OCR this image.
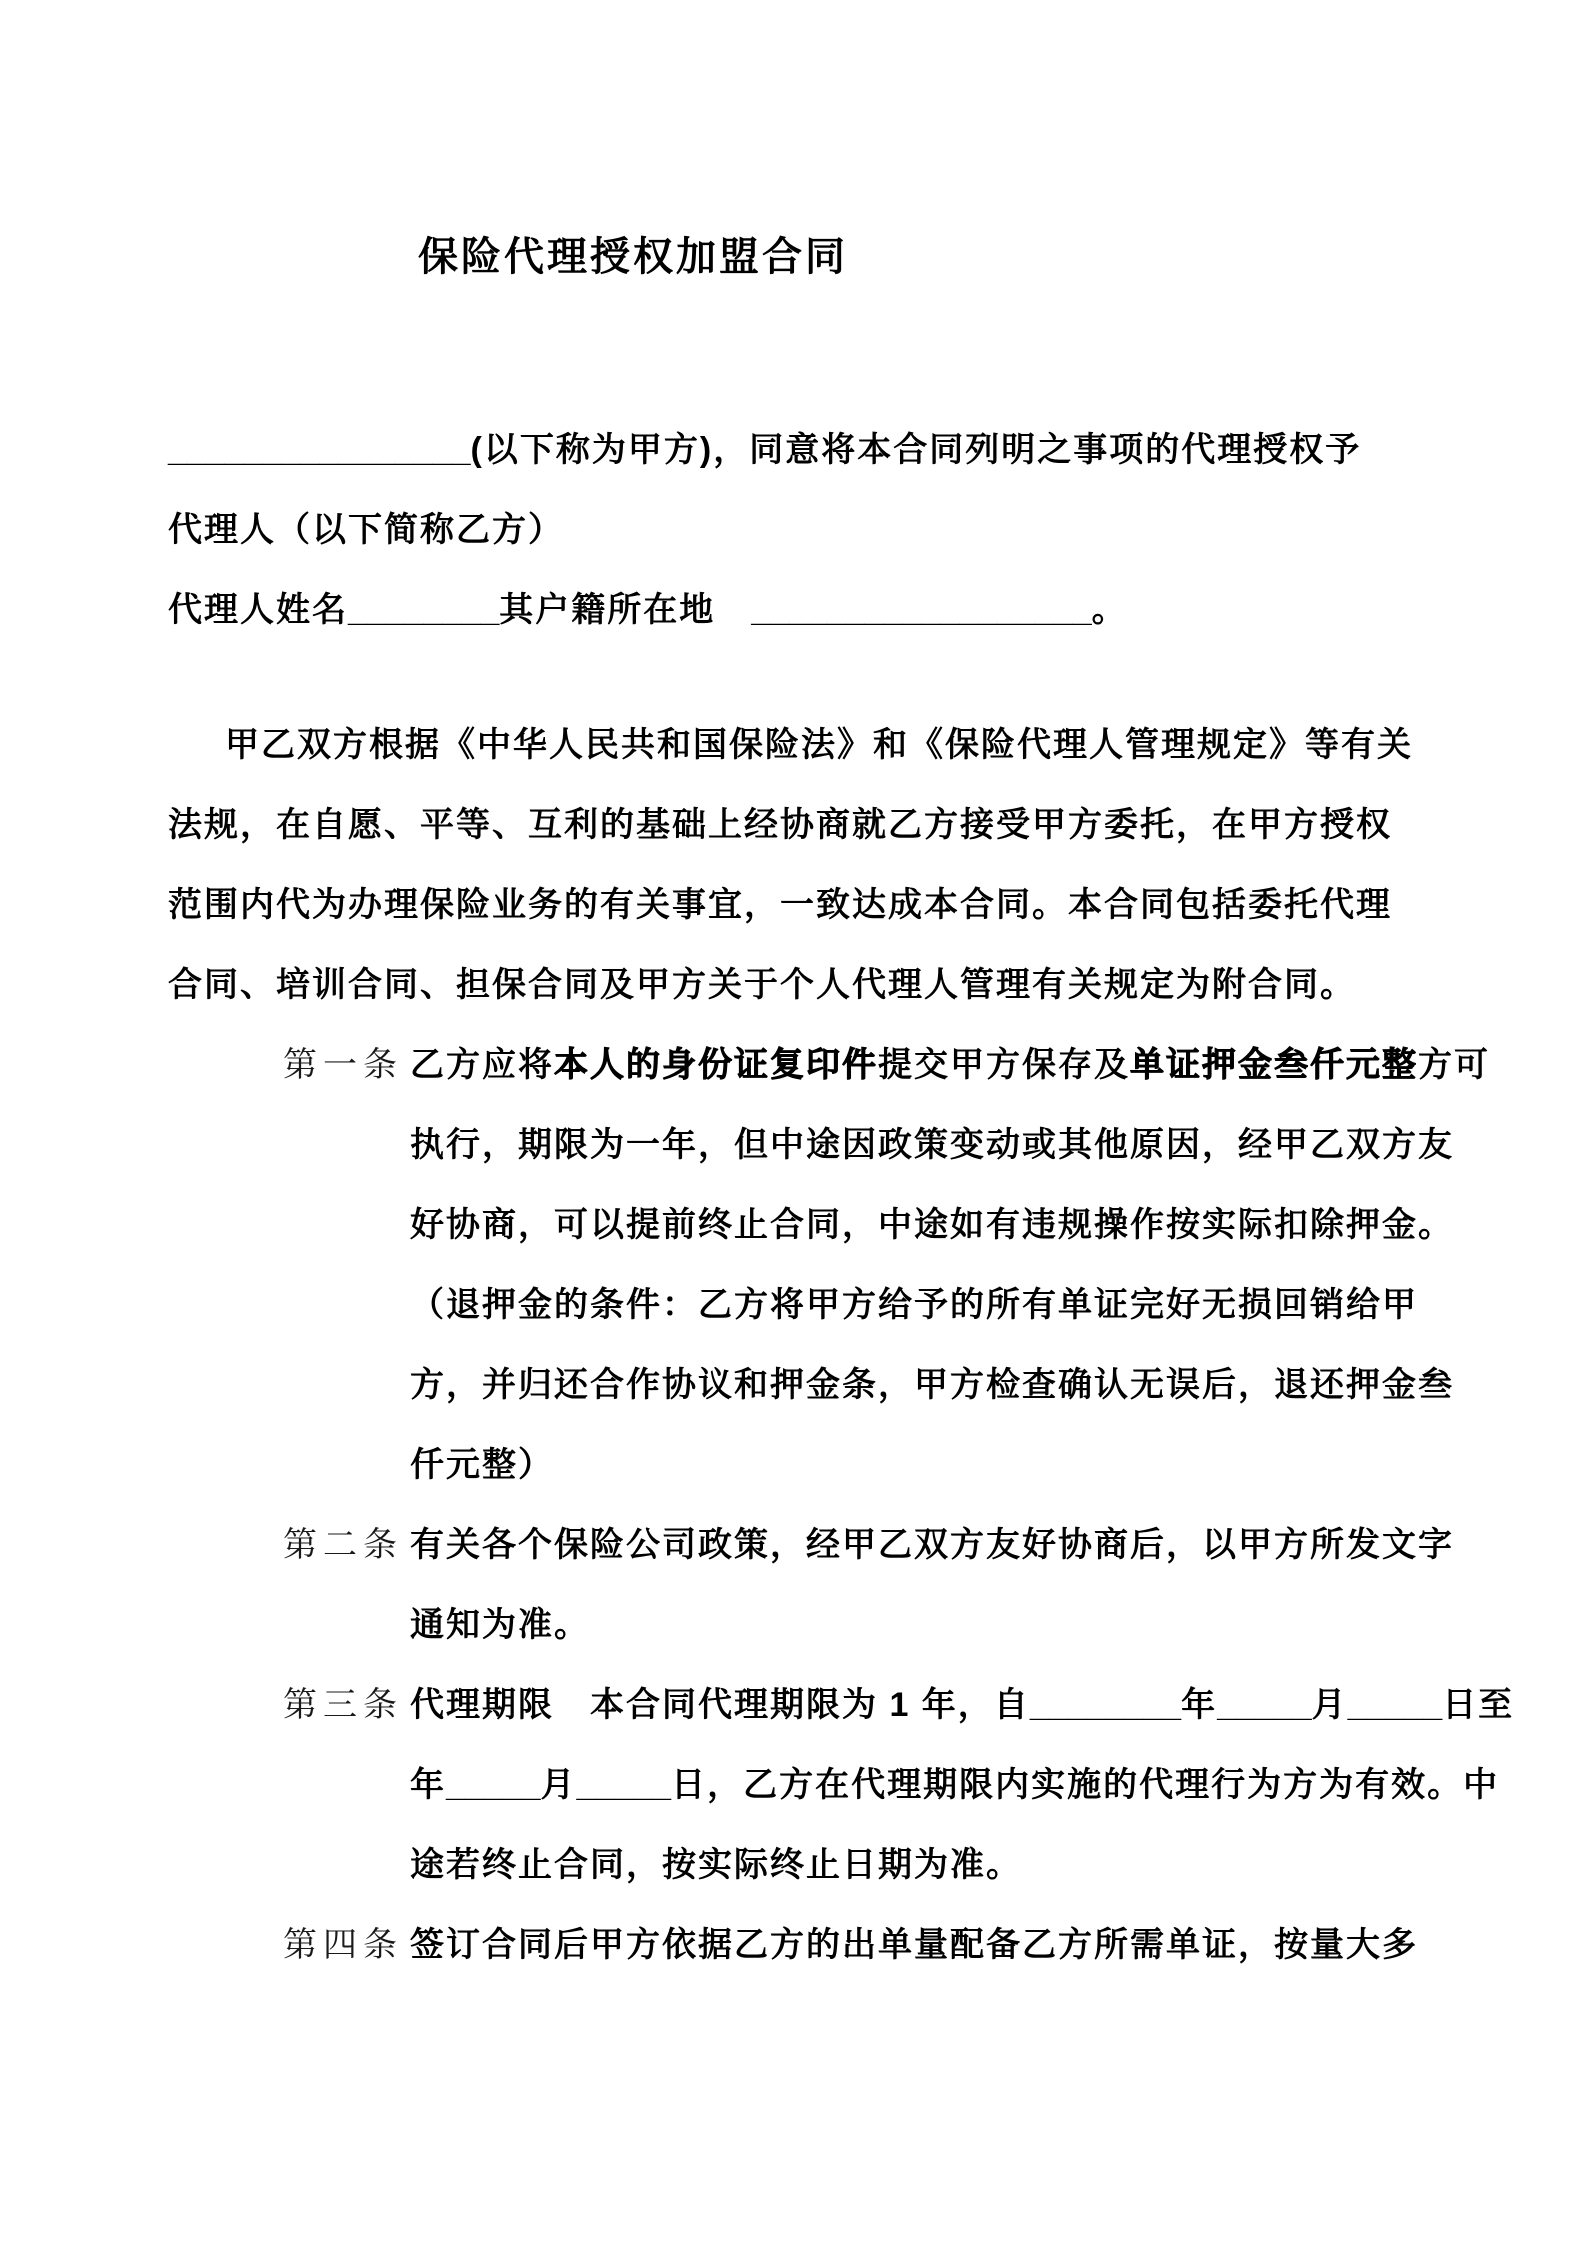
保险代理授权加盟合同
________________(以下称为甲方)，同意将本合同列明之事项的代理授权予
代理人（以下简称乙方）
代理人姓名________其户籍所在地　__________________。
甲乙双方根据《中华人民共和国保险法》和《保险代理人管理规定》等有关
法规，在自愿、平等、互利的基础上经协商就乙方接受甲方委托，在甲方授权
范围内代为办理保险业务的有关事宜，一致达成本合同。本合同包括委托代理
合同、培训合同、担保合同及甲方关于个人代理人管理有关规定为附合同。
第一条 乙方应将本人的身份证复印件提交甲方保存及单证押金叁仟元整方可
执行，期限为一年，但中途因政策变动或其他原因，经甲乙双方友
好协商，可以提前终止合同，中途如有违规操作按实际扣除押金。
（退押金的条件：乙方将甲方给予的所有单证完好无损回销给甲
方，并归还合作协议和押金条，甲方检查确认无误后，退还押金叁
仟元整）
第二条 有关各个保险公司政策，经甲乙双方友好协商后，以甲方所发文字
通知为准。
第三条 代理期限　本合同代理期限为 1 年，自________年_____月_____日至
年_____月_____日，乙方在代理期限内实施的代理行为方为有效。中
途若终止合同，按实际终止日期为准。
第四条 签订合同后甲方依据乙方的出单量配备乙方所需单证，按量大多
